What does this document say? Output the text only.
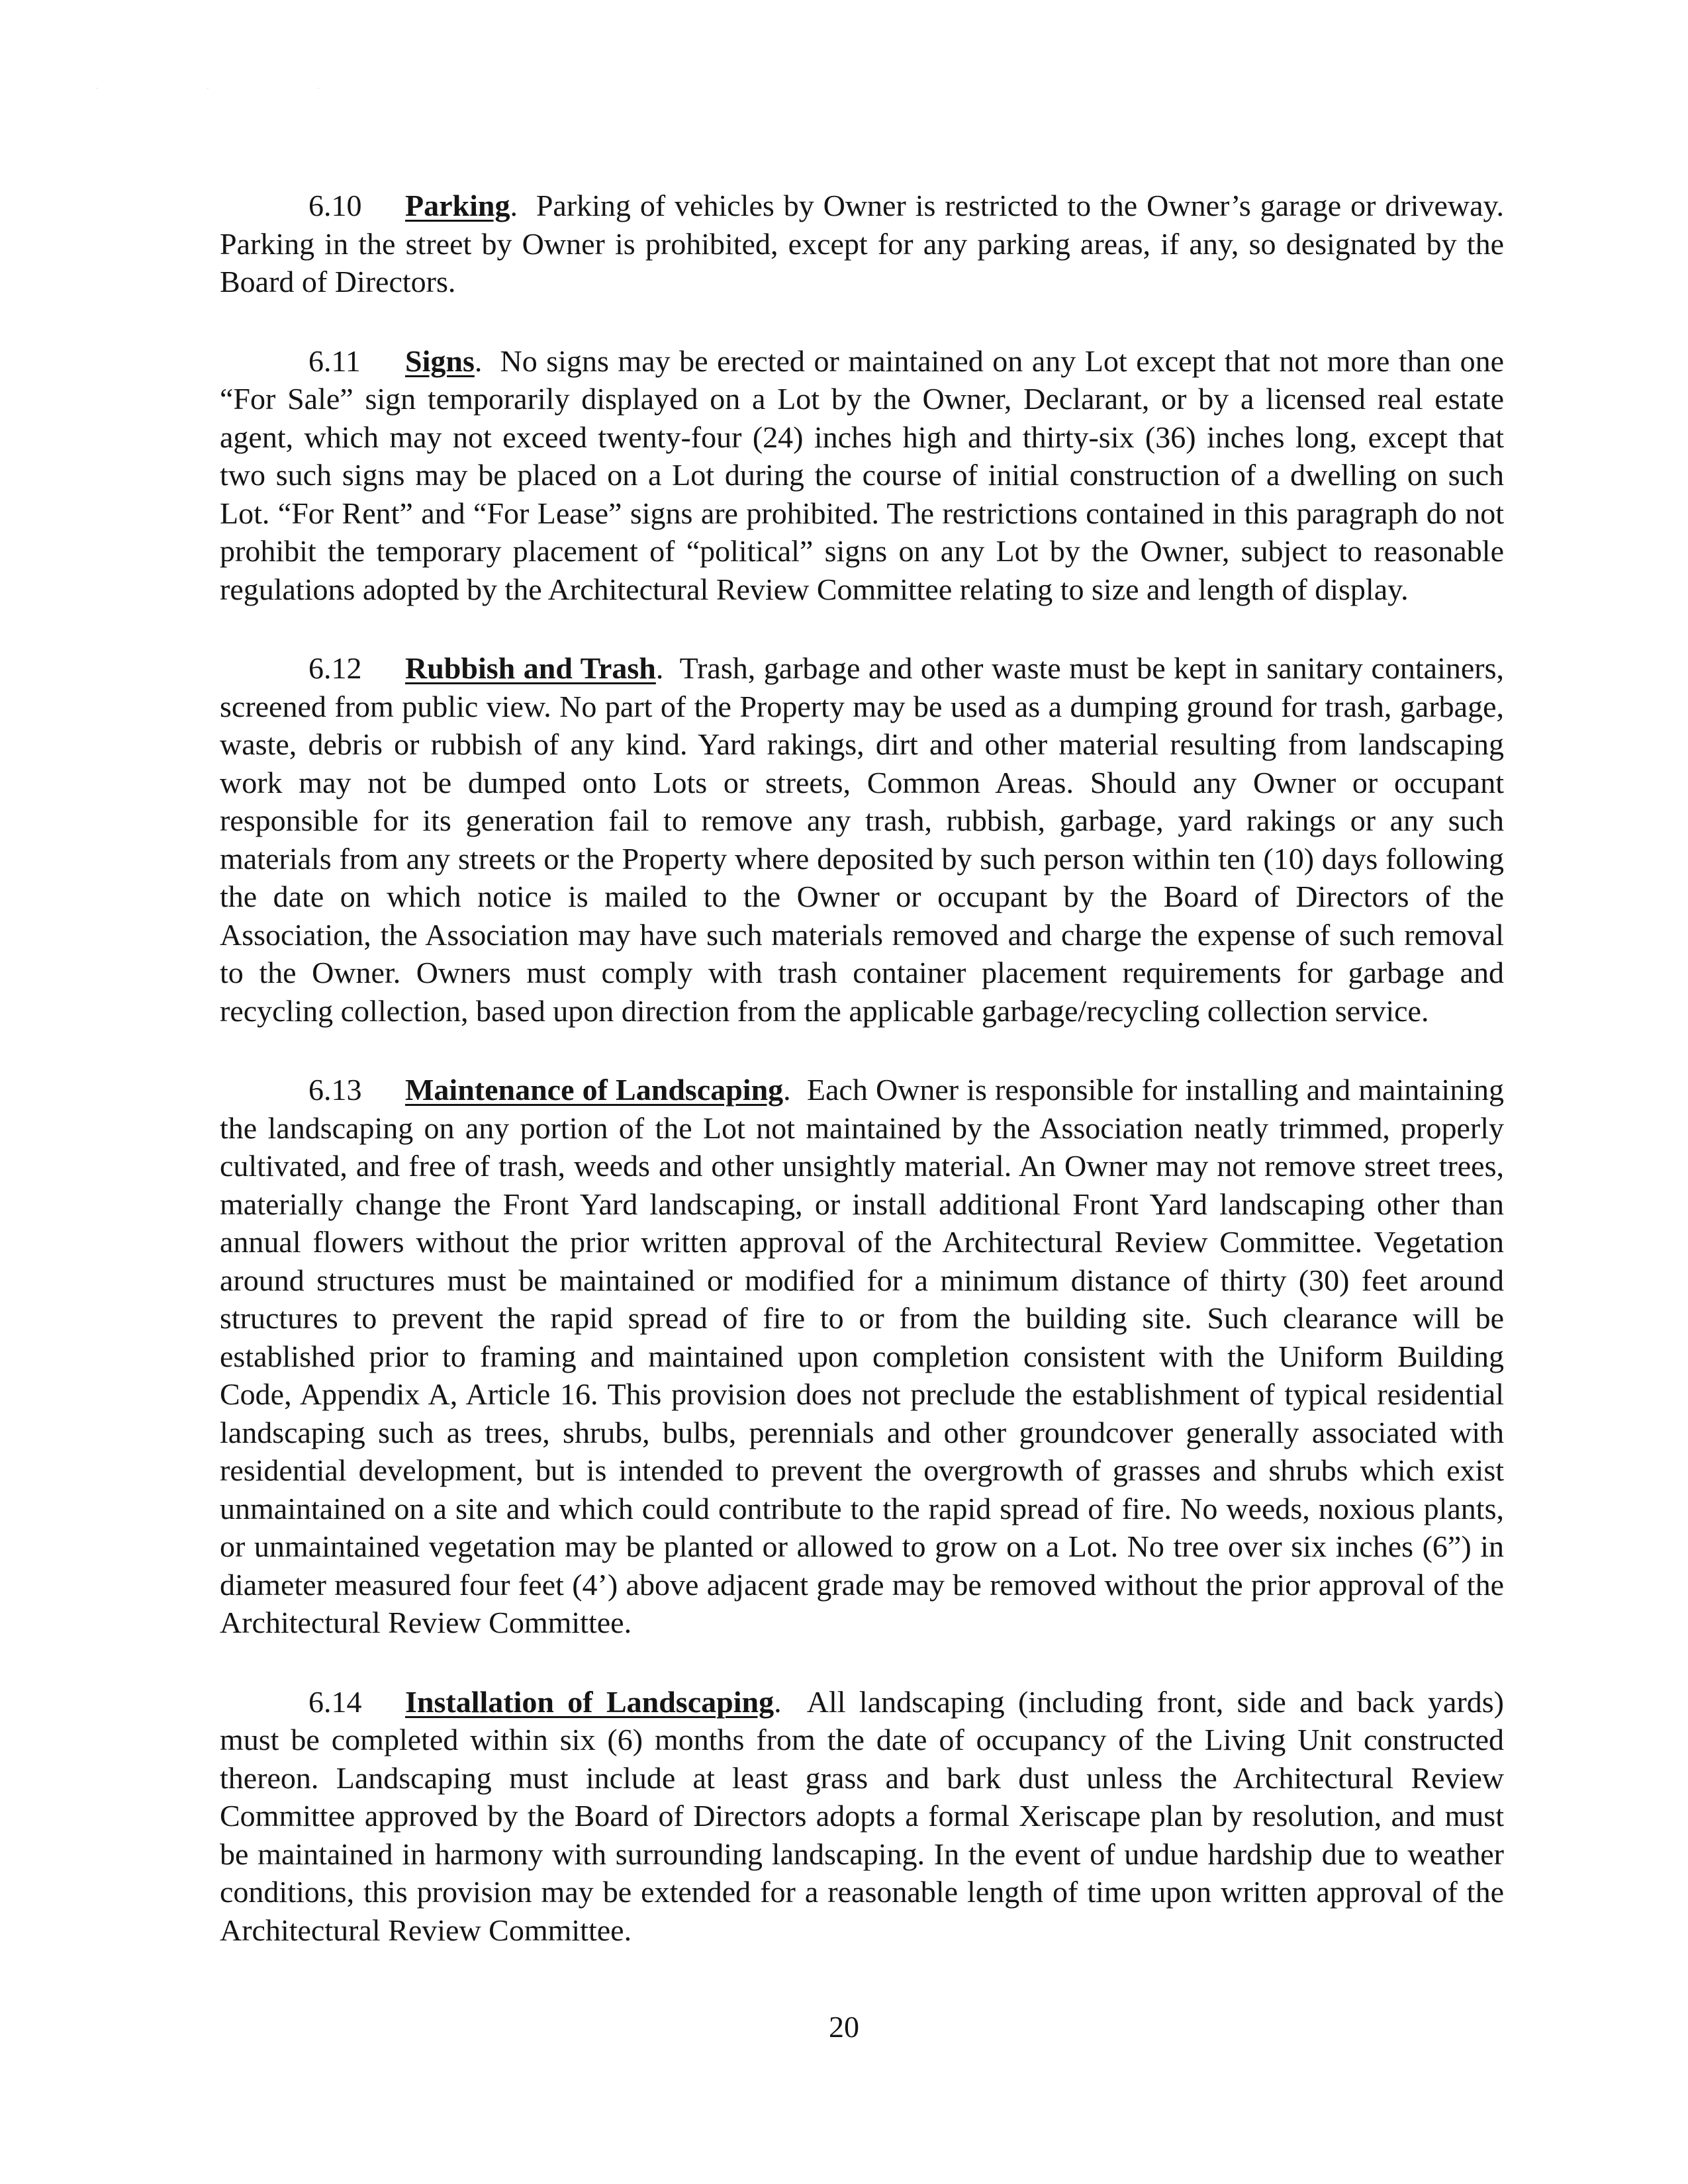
· · ·

6.10 Parking.  Parking of vehicles by Owner is restricted to the Owner’s garage or driveway. Parking in the street by Owner is prohibited, except for any parking areas, if any, so designated by the Board of Directors.

6.11 Signs.  No signs may be erected or maintained on any Lot except that not more than one “For Sale” sign temporarily displayed on a Lot by the Owner, Declarant, or by a licensed real estate agent, which may not exceed twenty-four (24) inches high and thirty-six (36) inches long, except that two such signs may be placed on a Lot during the course of initial construction of a dwelling on such Lot. “For Rent” and “For Lease” signs are prohibited. The restrictions contained in this paragraph do not prohibit the temporary placement of “political” signs on any Lot by the Owner, subject to reasonable regulations adopted by the Architectural Review Committee relating to size and length of display.

6.12 Rubbish and Trash.  Trash, garbage and other waste must be kept in sanitary containers, screened from public view. No part of the Property may be used as a dumping ground for trash, garbage, waste, debris or rubbish of any kind. Yard rakings, dirt and other material resulting from landscaping work may not be dumped onto Lots or streets, Common Areas. Should any Owner or occupant responsible for its generation fail to remove any trash, rubbish, garbage, yard rakings or any such materials from any streets or the Property where deposited by such person within ten (10) days following the date on which notice is mailed to the Owner or occupant by the Board of Directors of the Association, the Association may have such materials removed and charge the expense of such removal to the Owner. Owners must comply with trash container placement requirements for garbage and recycling collection, based upon direction from the applicable garbage/recycling collection service.

6.13 Maintenance of Landscaping.  Each Owner is responsible for installing and maintaining the landscaping on any portion of the Lot not maintained by the Association neatly trimmed, properly cultivated, and free of trash, weeds and other unsightly material. An Owner may not remove street trees, materially change the Front Yard landscaping, or install additional Front Yard landscaping other than annual flowers without the prior written approval of the Architectural Review Committee. Vegetation around structures must be maintained or modified for a minimum distance of thirty (30) feet around structures to prevent the rapid spread of fire to or from the building site. Such clearance will be established prior to framing and maintained upon completion consistent with the Uniform Building Code, Appendix A, Article 16. This provision does not preclude the establishment of typical residential landscaping such as trees, shrubs, bulbs, perennials and other groundcover generally associated with residential development, but is intended to prevent the overgrowth of grasses and shrubs which exist unmaintained on a site and which could contribute to the rapid spread of fire. No weeds, noxious plants, or unmaintained vegetation may be planted or allowed to grow on a Lot. No tree over six inches (6”) in diameter measured four feet (4’) above adjacent grade may be removed without the prior approval of the Architectural Review Committee.

6.14 Installation of Landscaping.  All landscaping (including front, side and back yards) must be completed within six (6) months from the date of occupancy of the Living Unit constructed thereon. Landscaping must include at least grass and bark dust unless the Architectural Review Committee approved by the Board of Directors adopts a formal Xeriscape plan by resolution, and must be maintained in harmony with surrounding landscaping. In the event of undue hardship due to weather conditions, this provision may be extended for a reasonable length of time upon written approval of the Architectural Review Committee.

20
